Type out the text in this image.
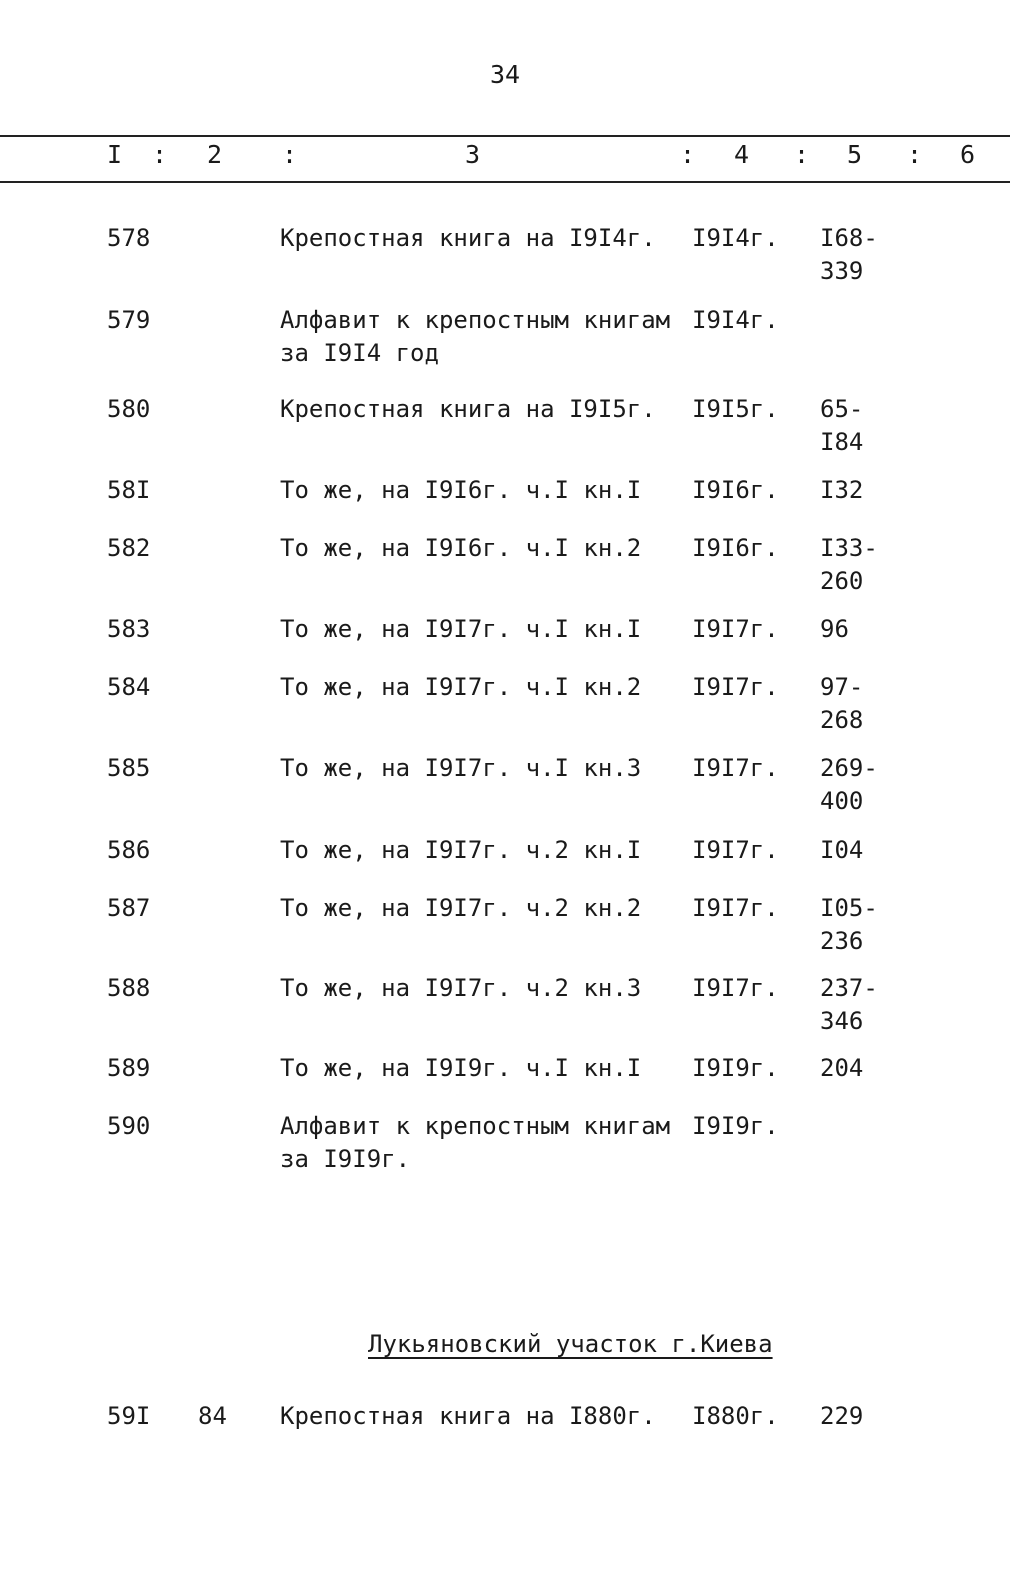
34
I : 2 :	3	: 4 : 5 : 6
578	Крепостная книга на I9I4г.	I9I4г. I68-
339
579	Алфавит к крепостным книгам
за I9I4 год
I9I4г.

580	Крепостная книга на I9I5г.	I9I5г. 65-
I84
58I	То же, на I9I6г. ч.I кн.I	I9I6г. I32

582	То же, на I9I6г. ч.I кн.2	I9I6г. I33-
260
583	То же, на I9I7г. ч.I кн.I	I9I7г. 96

584	То же, на I9I7г. ч.I кн.2	I9I7г. 97-
268
585	То же, на I9I7г. ч.I кн.3	I9I7г. 269-
400
586	То же, на I9I7г. ч.2 кн.I	I9I7г. I04

587	То же, на I9I7г. ч.2 кн.2	I9I7г. I05-
236
588	То же, на I9I7г. ч.2 кн.3	I9I7г. 237-
346
589	То же, на I9I9г. ч.I кн.I	I9I9г. 204

590	Алфавит к крепостным книгам
за I9I9г.
I9I9г.

Лукьяновский участок г.Киева
59I 84 Крепостная книга на I880г.	I880г. 229
